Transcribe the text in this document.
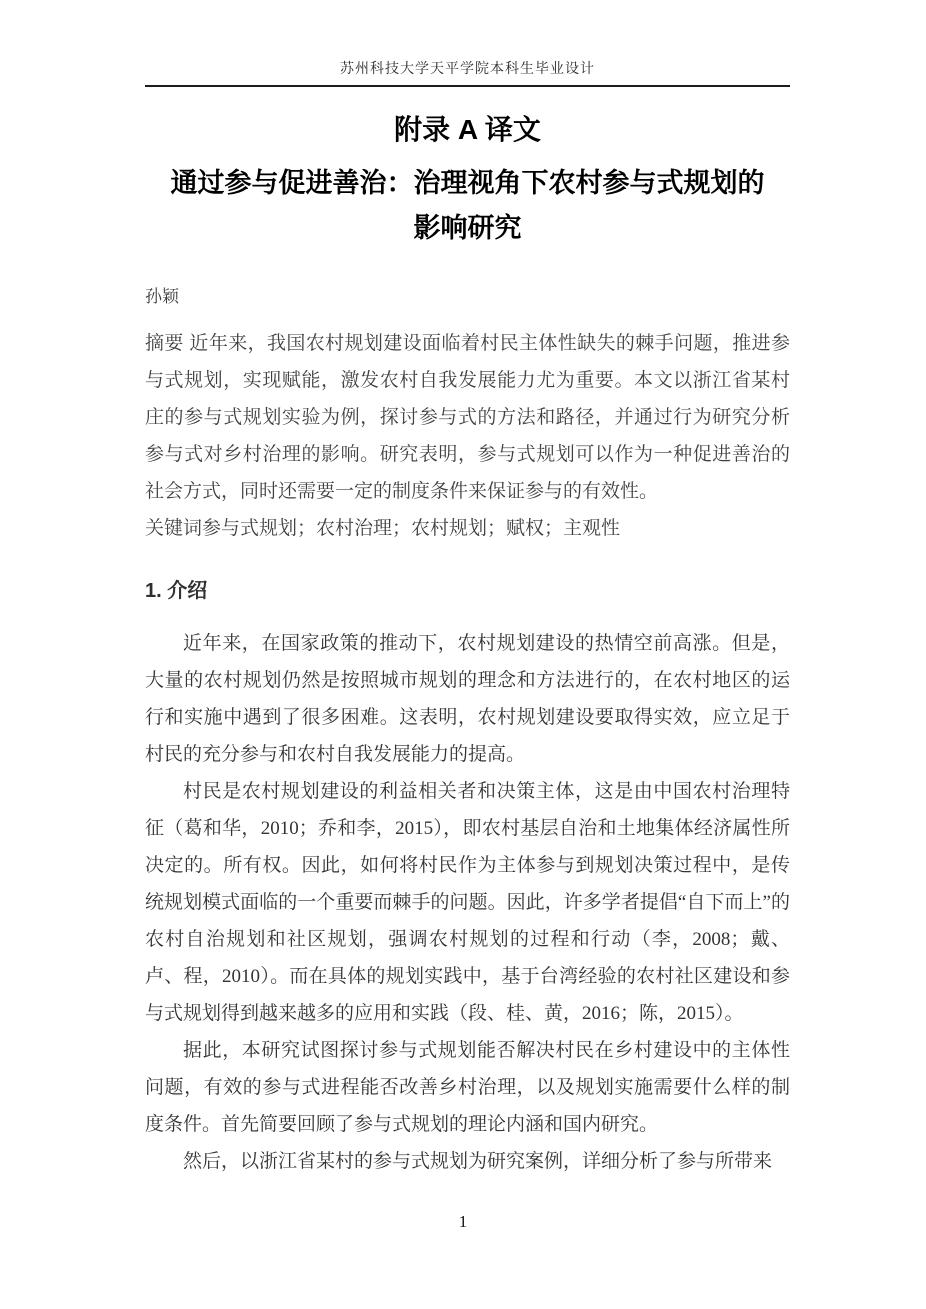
苏州科技大学天平学院本科生毕业设计
附录 A 译文
通过参与促进善治：治理视角下农村参与式规划的
影响研究
孙颖

摘要 近年来，我国农村规划建设面临着村民主体性缺失的棘手问题，推进参与式规划，实现赋能，激发农村自我发展能力尤为重要。本文以浙江省某村庄的参与式规划实验为例，探讨参与式的方法和路径，并通过行为研究分析参与式对乡村治理的影响。研究表明，参与式规划可以作为一种促进善治的社会方式，同时还需要一定的制度条件来保证参与的有效性。

关键词参与式规划；农村治理；农村规划；赋权；主观性

1. 介绍

近年来，在国家政策的推动下，农村规划建设的热情空前高涨。但是，大量的农村规划仍然是按照城市规划的理念和方法进行的，在农村地区的运行和实施中遇到了很多困难。这表明，农村规划建设要取得实效，应立足于村民的充分参与和农村自我发展能力的提高。

村民是农村规划建设的利益相关者和决策主体，这是由中国农村治理特征（葛和华，2010；乔和李，2015），即农村基层自治和土地集体经济属性所决定的。所有权。因此，如何将村民作为主体参与到规划决策过程中，是传统规划模式面临的一个重要而棘手的问题。因此，许多学者提倡“自下而上”的农村自治规划和社区规划，强调农村规划的过程和行动（李，2008；戴、卢、程，2010）。而在具体的规划实践中，基于台湾经验的农村社区建设和参与式规划得到越来越多的应用和实践（段、桂、黄，2016；陈，2015）。

据此，本研究试图探讨参与式规划能否解决村民在乡村建设中的主体性问题，有效的参与式进程能否改善乡村治理，以及规划实施需要什么样的制度条件。首先简要回顾了参与式规划的理论内涵和国内研究。

然后，以浙江省某村的参与式规划为研究案例，详细分析了参与所带来

1
